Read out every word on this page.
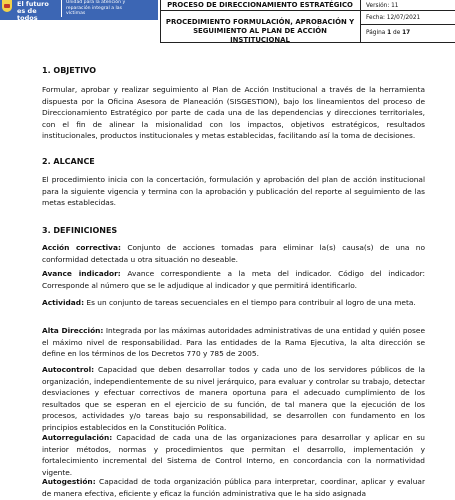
El futuro es de todos
Unidad para la atención y reparación integral a las víctimas
PROCESO DE DIRECCIONAMIENTO ESTRATÉGICO
PROCEDIMIENTO FORMULACIÓN, APROBACIÓN Y SEGUIMIENTO AL PLAN DE ACCIÓN INSTITUCIONAL
Versión: 11
Fecha: 12/07/2021
Página 1 de 17
1. OBJETIVO

Formular, aprobar y realizar seguimiento al Plan de Acción Institucional a través de la herramienta dispuesta por la Oficina Asesora de Planeación (SISGESTION), bajo los lineamientos del proceso de Direccionamiento Estratégico por parte de cada una de las dependencias y direcciones territoriales, con el fin de alinear la misionalidad con los impactos, objetivos estratégicos, resultados institucionales, productos institucionales y metas establecidas, facilitando así la toma de decisiones.

2. ALCANCE

El procedimiento inicia con la concertación, formulación y aprobación del plan de acción institucional para la siguiente vigencia y termina con la aprobación y publicación del reporte al seguimiento de las metas establecidas.

3. DEFINICIONES

Acción correctiva: Conjunto de acciones tomadas para eliminar la(s) causa(s) de una no conformidad detectada u otra situación no deseable.

Avance indicador: Avance correspondiente a la meta del indicador. Código del indicador: Corresponde al número que se le adjudique al indicador y que permitirá identificarlo.

Actividad: Es un conjunto de tareas secuenciales en el tiempo para contribuir al logro de una meta.

Alta Dirección: Integrada por las máximas autoridades administrativas de una entidad y quién posee el máximo nivel de responsabilidad. Para las entidades de la Rama Ejecutiva, la alta dirección se define en los términos de los Decretos 770 y 785 de 2005.

Autocontrol: Capacidad que deben desarrollar todos y cada uno de los servidores públicos de la organización, independientemente de su nivel jerárquico, para evaluar y controlar su trabajo, detectar desviaciones y efectuar correctivos de manera oportuna para el adecuado cumplimiento de los resultados que se esperan en el ejercicio de su función, de tal manera que la ejecución de los procesos, actividades y/o tareas bajo su responsabilidad, se desarrollen con fundamento en los principios establecidos en la Constitución Política.

Autorregulación: Capacidad de cada una de las organizaciones para desarrollar y aplicar en su interior métodos, normas y procedimientos que permitan el desarrollo, implementación y fortalecimiento incremental del Sistema de Control Interno, en concordancia con la normatividad vigente.

Autogestión: Capacidad de toda organización pública para interpretar, coordinar, aplicar y evaluar de manera efectiva, eficiente y eficaz la función administrativa que le ha sido asignada
